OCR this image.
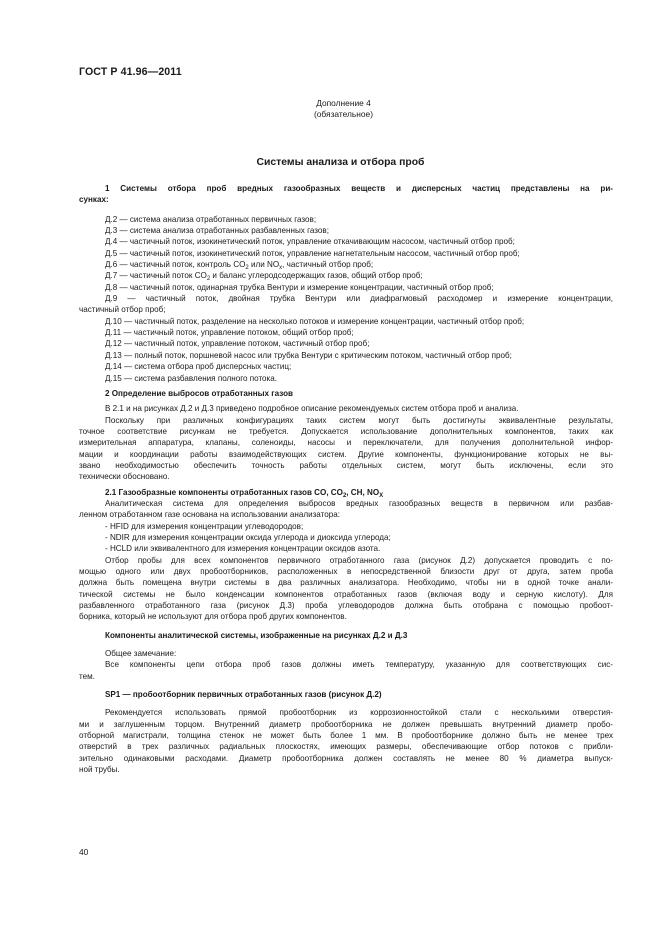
ГОСТ Р 41.96—2011
Дополнение 4
(обязательное)
Системы анализа и отбора проб

1 Системы отбора проб вредных газообразных веществ и дисперсных частиц представлены на ри-

сунках:

Д.2 — система анализа отработанных первичных газов;

Д.3 — система анализа отработанных разбавленных газов;

Д.4 — частичный поток, изокинетический поток, управление откачивающим насосом, частичный отбор проб;

Д.5 — частичный поток, изокинетический поток, управление нагнетательным насосом, частичный отбор проб;

Д.6 — частичный поток, контроль $CO_2$ или $NO_x$, частичный отбор проб;

Д.7 — частичный поток $CO_2$ и баланс углеродсодержащих газов, общий отбор проб;

Д.8 — частичный поток, одинарная трубка Вентури и измерение концентрации, частичный отбор проб;

Д.9 — частичный поток, двойная трубка Вентури или диафрагмовый расходомер и измерение концентрации,

частичный отбор проб;

Д.10 — частичный поток, разделение на несколько потоков и измерение концентрации, частичный отбор проб;

Д.11 — частичный поток, управление потоком, общий отбор проб;

Д.12 — частичный поток, управление потоком, частичный отбор проб;

Д.13 — полный поток, поршневой насос или трубка Вентури с критическим потоком, частичный отбор проб;

Д.14 — система отбора проб дисперсных частиц;

Д.15 — система разбавления полного потока.

2 Определение выбросов отработанных газов

В 2.1 и на рисунках Д.2 и Д.3 приведено подробное описание рекомендуемых систем отбора проб и анализа.

Поскольку при различных конфигурациях таких систем могут быть достигнуты эквивалентные результаты,

точное соответствие рисункам не требуется. Допускается использование дополнительных компонентов, таких как

измерительная аппаратура, клапаны, соленоиды, насосы и переключатели, для получения дополнительной инфор-

мации и координации работы взаимодействующих систем. Другие компоненты, функционирование которых не вы-

звано необходимостью обеспечить точность работы отдельных систем, могут быть исключены, если это

технически обосновано.

2.1 Газообразные компоненты отработанных газов CO, $CO_2$, CH, $NO_X$

Аналитическая система для определения выбросов вредных газообразных веществ в первичном или разбав-

ленном отработанном газе основана на использовании анализатора:

- HFID для измерения концентрации углеводородов;

- NDIR для измерения концентрации оксида углерода и диоксида углерода;

- HCLD или эквивалентного для измерения концентрации оксидов азота.

Отбор пробы для всех компонентов первичного отработанного газа (рисунок Д.2) допускается проводить с по-

мощью одного или двух пробоотборников, расположенных в непосредственной близости друг от друга, затем проба

должна быть помещена внутри системы в два различных анализатора. Необходимо, чтобы ни в одной точке анали-

тической системы не было конденсации компонентов отработанных газов (включая воду и серную кислоту). Для

разбавленного отработанного газа (рисунок Д.3) проба углеводородов должна быть отобрана с помощью пробоот-

борника, который не используют для отбора проб других компонентов.

Компоненты аналитической системы, изображенные на рисунках Д.2 и Д.3

Общее замечание:

Все компоненты цепи отбора проб газов должны иметь температуру, указанную для соответствующих сис-

тем.

SP1 — пробоотборник первичных отработанных газов (рисунок Д.2)

Рекомендуется использовать прямой пробоотборник из коррозионностойкой стали с несколькими отверстия-

ми и заглушенным торцом. Внутренний диаметр пробоотборника не должен превышать внутренний диаметр пробо-

отборной магистрали, толщина стенок не может быть более 1 мм. В пробоотборнике должно быть не менее трех

отверстий в трех различных радиальных плоскостях, имеющих размеры, обеспечивающие отбор потоков с прибли-

зительно одинаковыми расходами. Диаметр пробоотборника должен составлять не менее 80 % диаметра выпуск-

ной трубы.

40
